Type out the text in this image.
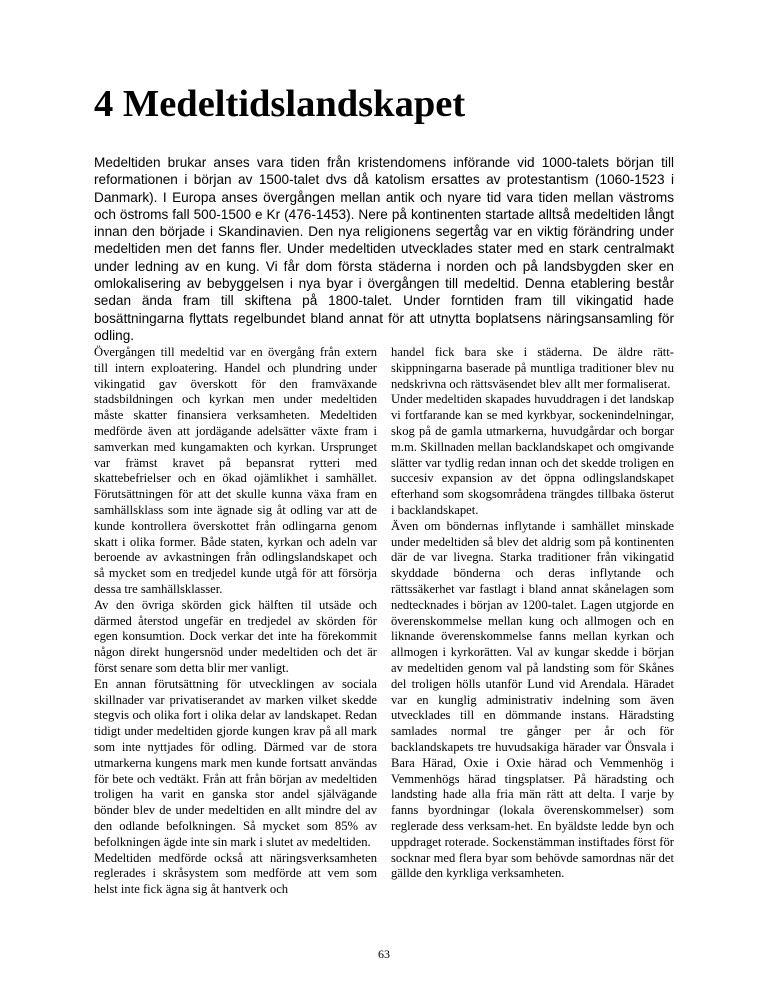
4 Medeltidslandskapet
Medeltiden brukar anses vara tiden från kristendomens införande vid 1000-talets början till reformationen i början av 1500-talet dvs då katolism ersattes av protestantism (1060-1523 i Danmark). I Europa anses övergången mellan antik och nyare tid vara tiden mellan västroms och östroms fall 500-1500 e Kr (476-1453). Nere på kontinenten startade alltså medeltiden långt innan den började i Skandinavien. Den nya religionens segertåg var en viktig förändring under medeltiden men det fanns fler. Under medeltiden utvecklades stater med en stark centralmakt under ledning av en kung. Vi får dom första städerna i norden och på landsbygden sker en omlokalisering av bebyggelsen i nya byar i övergången till medeltid. Denna etablering består sedan ända fram till skiftena på 1800-talet. Under forntiden fram till vikingatid hade bosättningarna flyttats regelbundet bland annat för att utnytta boplatsens näringsansamling för odling.

Övergången till medeltid var en övergång från extern till intern exploatering. Handel och plundring under vikingatid gav överskott för den framväxande stadsbildningen och kyrkan men under medeltiden måste skatter finansiera verksamheten. Medeltiden medförde även att jordägande adelsätter växte fram i samverkan med kungamakten och kyrkan. Ursprunget var främst kravet på bepansrat rytteri med skattebefrielser och en ökad ojämlikhet i samhället. Förutsättningen för att det skulle kunna växa fram en samhällsklass som inte ägnade sig åt odling var att de kunde kontrollera överskottet från odlingarna genom skatt i olika former. Både staten, kyrkan och adeln var beroende av avkastningen från odlingslandskapet och så mycket som en tredjedel kunde utgå för att försörja dessa tre samhällsklasser.

Av den övriga skörden gick hälften til utsäde och därmed återstod ungefär en tredjedel av skörden för egen konsumtion. Dock verkar det inte ha förekommit någon direkt hungersnöd under medeltiden och det är först senare som detta blir mer vanligt.

En annan förutsättning för utvecklingen av sociala skillnader var privatiserandet av marken vilket skedde stegvis och olika fort i olika delar av landskapet. Redan tidigt under medeltiden gjorde kungen krav på all mark som inte nyttjades för odling. Därmed var de stora utmarkerna kungens mark men kunde fortsatt användas för bete och vedtäkt. Från att från början av medeltiden troligen ha varit en ganska stor andel självägande bönder blev de under medeltiden en allt mindre del av den odlande befolkningen. Så mycket som 85% av befolkningen ägde inte sin mark i slutet av medeltiden.

Medeltiden medförde också att näringsverksamheten reglerades i skråsystem som medförde att vem som helst inte fick ägna sig åt hantverk och

handel fick bara ske i städerna. De äldre rättskippningarna baserade på muntliga traditioner blev nu nedskrivna och rättsväsendet blev allt mer formaliserat.

Under medeltiden skapades huvuddragen i det landskap vi fortfarande kan se med kyrkbyar, sockenindelningar, skog på de gamla utmarkerna, huvudgårdar och borgar m.m. Skillnaden mellan backlandskapet och omgivande slätter var tydlig redan innan och det skedde troligen en succesiv expansion av det öppna odlingslandskapet efterhand som skogsområdena trängdes tillbaka österut i backlandskapet.

Även om böndernas inflytande i samhället minskade under medeltiden så blev det aldrig som på kontinenten där de var livegna. Starka traditioner från vikingatid skyddade bönderna och deras inflytande och rättssäkerhet var fastlagt i bland annat skånelagen som nedtecknades i början av 1200-talet. Lagen utgjorde en överenskommelse mellan kung och allmogen och en liknande överenskommelse fanns mellan kyrkan och allmogen i kyrkorätten. Val av kungar skedde i början av medeltiden genom val på landsting som för Skånes del troligen hölls utanför Lund vid Arendala. Häradet var en kunglig administrativ indelning som även utvecklades till en dömmande instans. Häradsting samlades normal tre gånger per år och för backlandskapets tre huvudsakiga härader var Önsvala i Bara Härad, Oxie i Oxie härad och Vemmenhög i Vemmenhögs härad tingsplatser. På häradsting och landsting hade alla fria män rätt att delta. I varje by fanns byordningar (lokala överenskommelser) som reglerade dess verksam-het. En byäldste ledde byn och uppdraget roterade. Sockenstämman instiftades först för socknar med flera byar som behövde samordnas när det gällde den kyrkliga verksamheten.

63
